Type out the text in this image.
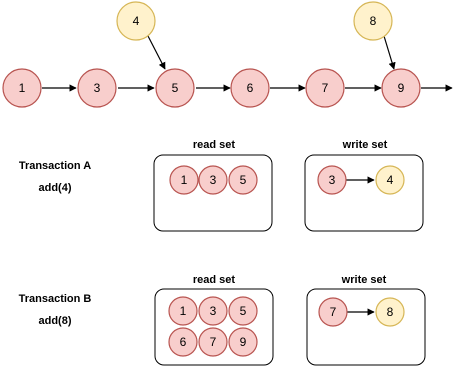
1	3	5	6	7	9
4	8
Transaction A
add(4)
read set
1 3 5
write set
3	4
Transaction B
add(8)
read set
1 3 5
6 7 9
write set
7	8
